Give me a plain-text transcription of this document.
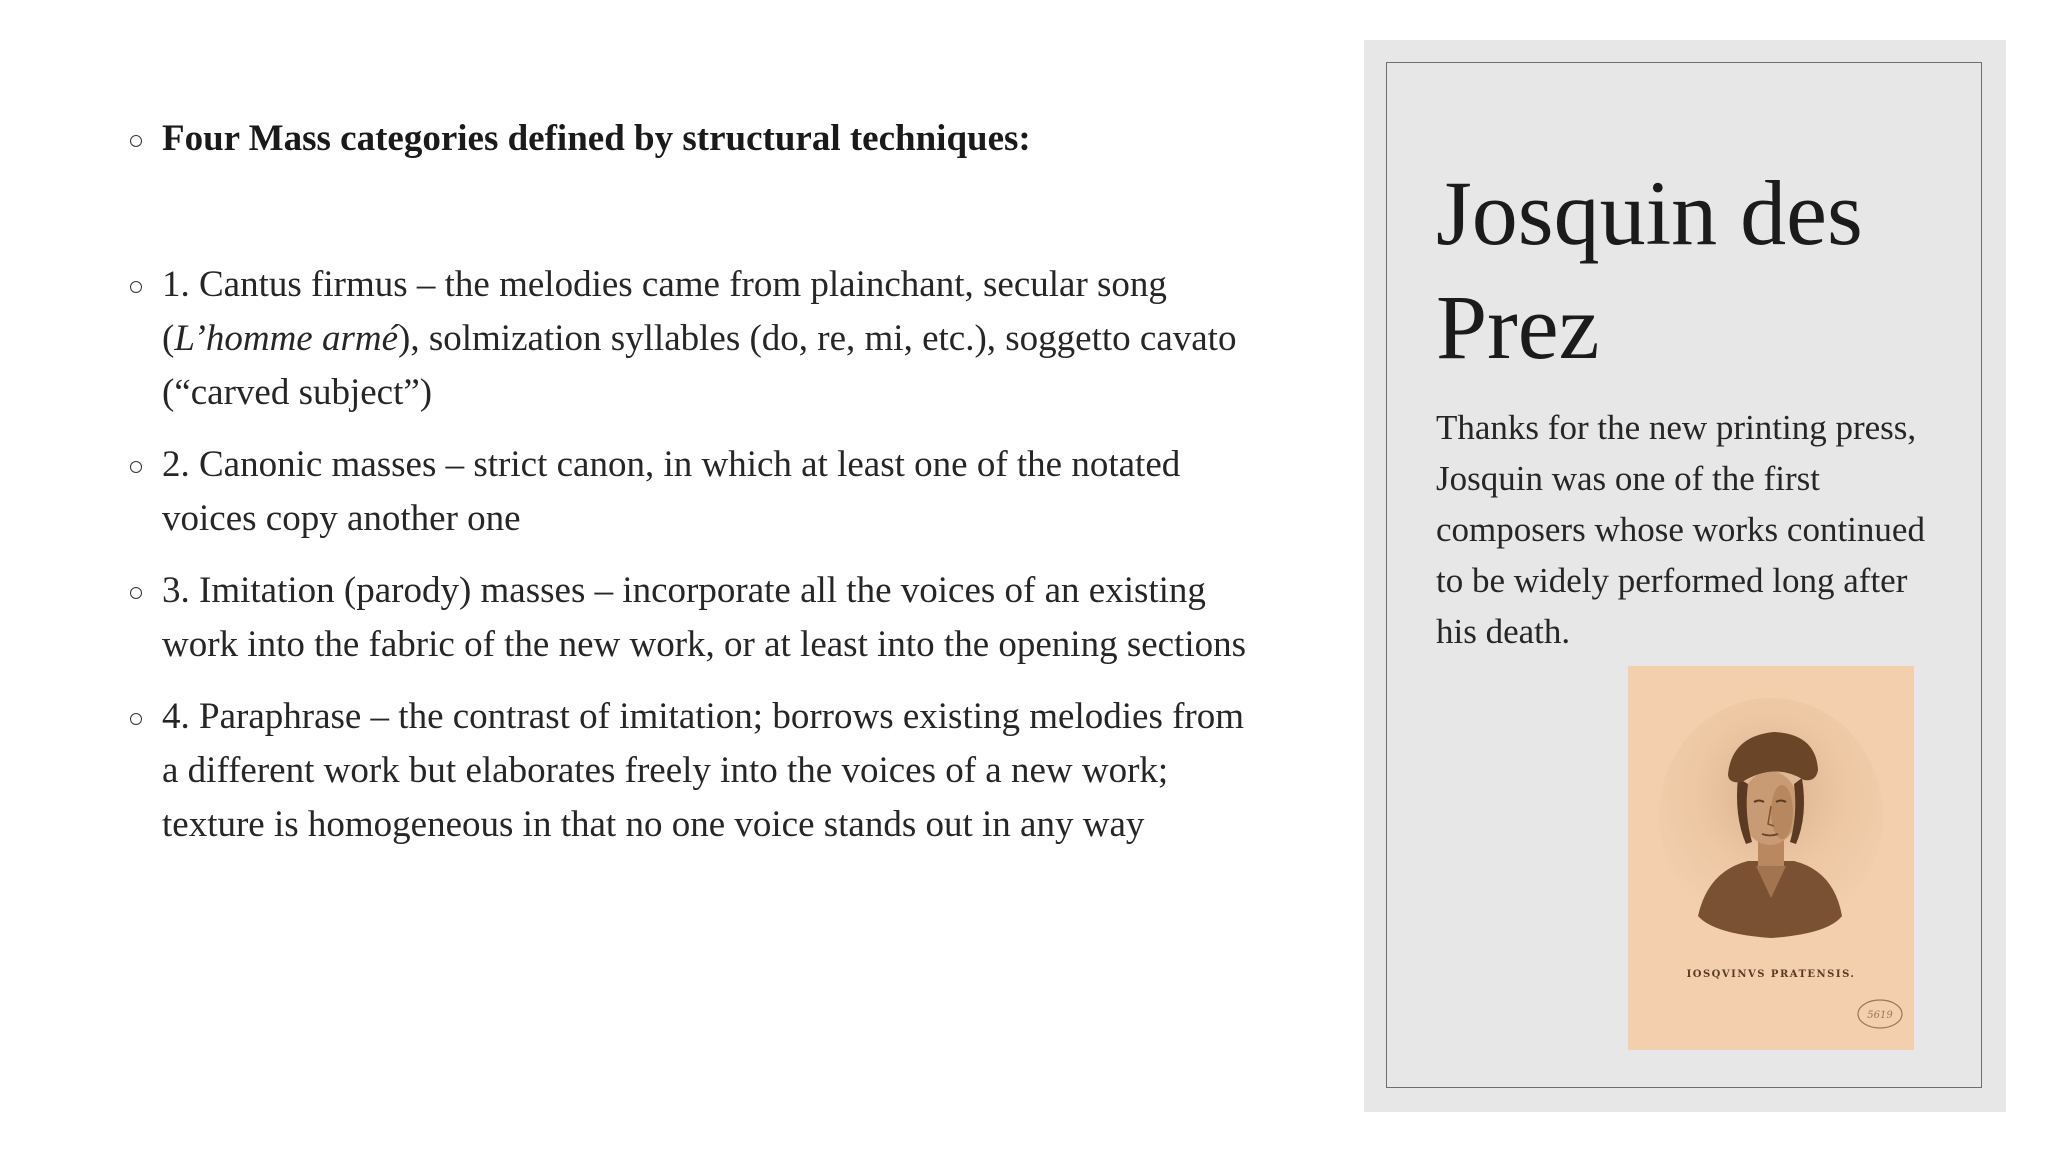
Four Mass categories defined by structural techniques:
1. Cantus firmus – the melodies came from plainchant, secular song (L’homme armé), solmization syllables (do, re, mi, etc.), soggetto cavato (“carved subject”)
2. Canonic masses – strict canon, in which at least one of the notated voices copy another one
3. Imitation (parody) masses – incorporate all the voices of an existing work into the fabric of the new work, or at least into the opening sections
4. Paraphrase – the contrast of imitation; borrows existing melodies from a different work but elaborates freely into the voices of a new work; texture is homogeneous in that no one voice stands out in any way
Josquin des Prez

Thanks for the new printing press, Josquin was one of the first composers whose works continued to be widely performed long after his death.

IOSQVINVS PRATENSIS.
5619
